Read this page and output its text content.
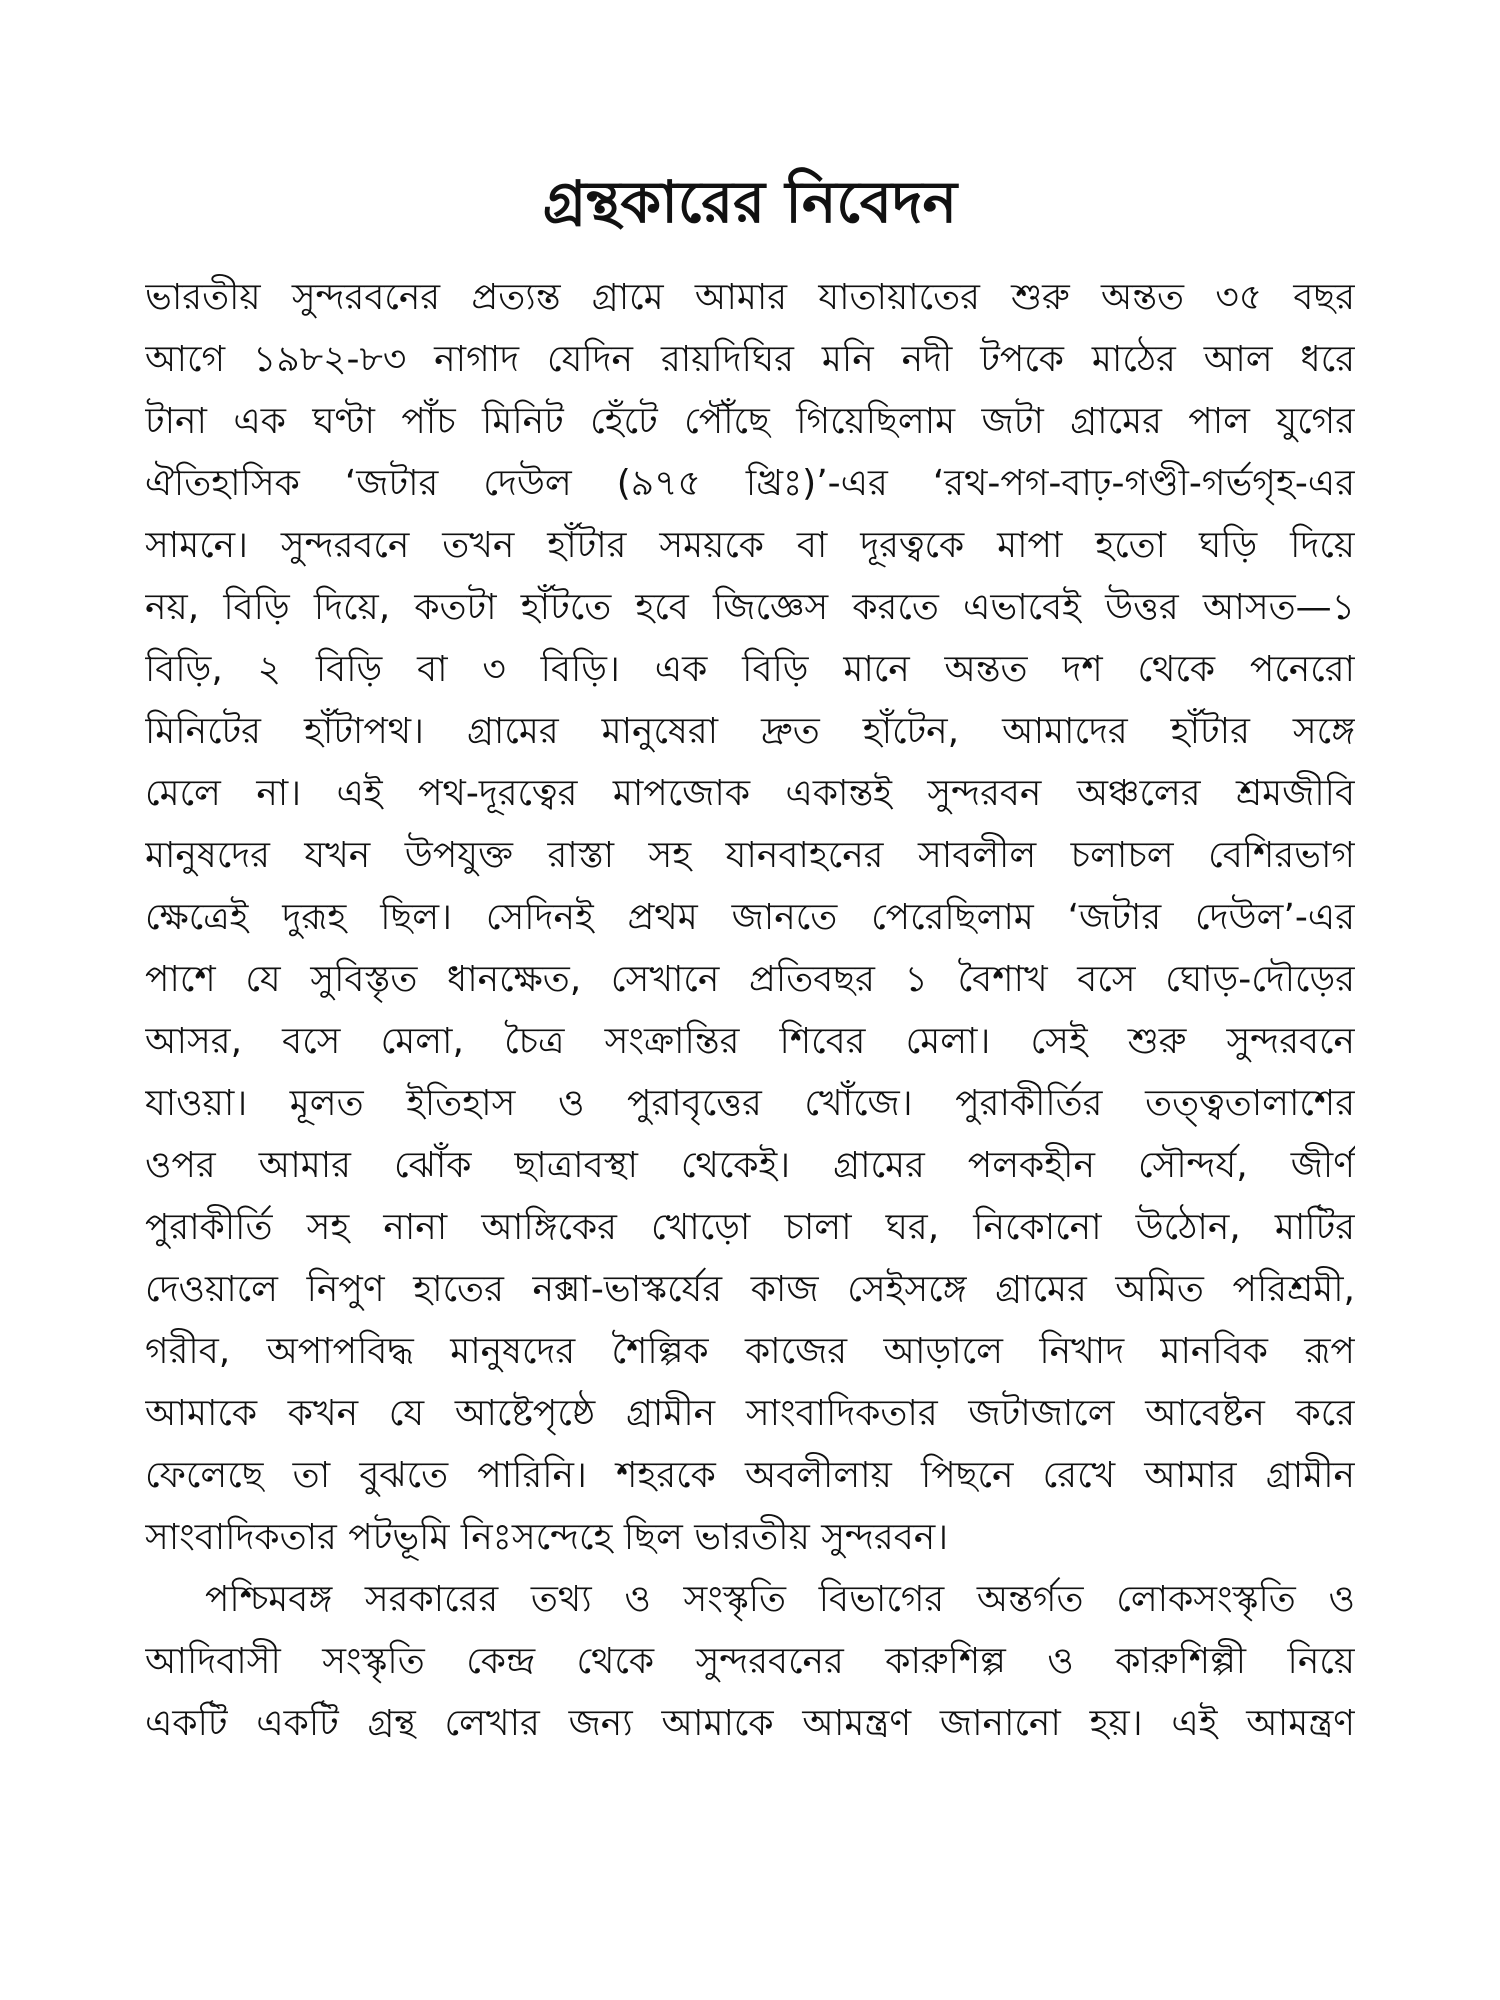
গ্রন্থকারের নিবেদন
ভারতীয় সুন্দরবনের প্রত্যন্ত গ্রামে আমার যাতায়াতের শুরু অন্তত ৩৫ বছর
আগে ১৯৮২-৮৩ নাগাদ যেদিন রায়দিঘির মনি নদী টপকে মাঠের আল ধরে
টানা এক ঘণ্টা পাঁচ মিনিট হেঁটে পৌঁছে গিয়েছিলাম জটা গ্রামের পাল যুগের
ঐতিহাসিক ‘জটার দেউল (৯৭৫ খ্রিঃ)’-এর ‘রথ-পগ-বাঢ়-গণ্ডী-গর্ভগৃহ-এর
সামনে। সুন্দরবনে তখন হাঁটার সময়কে বা দূরত্বকে মাপা হতো ঘড়ি দিয়ে
নয়, বিড়ি দিয়ে, কতটা হাঁটতে হবে জিজ্ঞেস করতে এভাবেই উত্তর আসত—১
বিড়ি, ২ বিড়ি বা ৩ বিড়ি। এক বিড়ি মানে অন্তত দশ থেকে পনেরো
মিনিটের হাঁটাপথ। গ্রামের মানুষেরা দ্রুত হাঁটেন, আমাদের হাঁটার সঙ্গে
মেলে না। এই পথ-দূরত্বের মাপজোক একান্তই সুন্দরবন অঞ্চলের শ্রমজীবি
মানুষদের যখন উপযুক্ত রাস্তা সহ যানবাহনের সাবলীল চলাচল বেশিরভাগ
ক্ষেত্রেই দুরূহ ছিল। সেদিনই প্রথম জানতে পেরেছিলাম ‘জটার দেউল’-এর
পাশে যে সুবিস্তৃত ধানক্ষেত, সেখানে প্রতিবছর ১ বৈশাখ বসে ঘোড়-দৌড়ের
আসর, বসে মেলা, চৈত্র সংক্রান্তির শিবের মেলা। সেই শুরু সুন্দরবনে
যাওয়া। মূলত ইতিহাস ও পুরাবৃত্তের খোঁজে। পুরাকীর্তির তত্ত্বতালাশের
ওপর আমার ঝোঁক ছাত্রাবস্থা থেকেই। গ্রামের পলকহীন সৌন্দর্য, জীর্ণ
পুরাকীর্তি সহ নানা আঙ্গিকের খোড়ো চালা ঘর, নিকোনো উঠোন, মাটির
দেওয়ালে নিপুণ হাতের নক্সা-ভাস্কর্যের কাজ সেইসঙ্গে গ্রামের অমিত পরিশ্রমী,
গরীব, অপাপবিদ্ধ মানুষদের শৈল্পিক কাজের আড়ালে নিখাদ মানবিক রূপ
আমাকে কখন যে আষ্টেপৃষ্ঠে গ্রামীন সাংবাদিকতার জটাজালে আবেষ্টন করে
ফেলেছে তা বুঝতে পারিনি। শহরকে অবলীলায় পিছনে রেখে আমার গ্রামীন
সাংবাদিকতার পটভূমি নিঃসন্দেহে ছিল ভারতীয় সুন্দরবন।
পশ্চিমবঙ্গ সরকারের তথ্য ও সংস্কৃতি বিভাগের অন্তর্গত লোকসংস্কৃতি ও
আদিবাসী সংস্কৃতি কেন্দ্র থেকে সুন্দরবনের কারুশিল্প ও কারুশিল্পী নিয়ে
একটি একটি গ্রন্থ লেখার জন্য আমাকে আমন্ত্রণ জানানো হয়। এই আমন্ত্রণ
